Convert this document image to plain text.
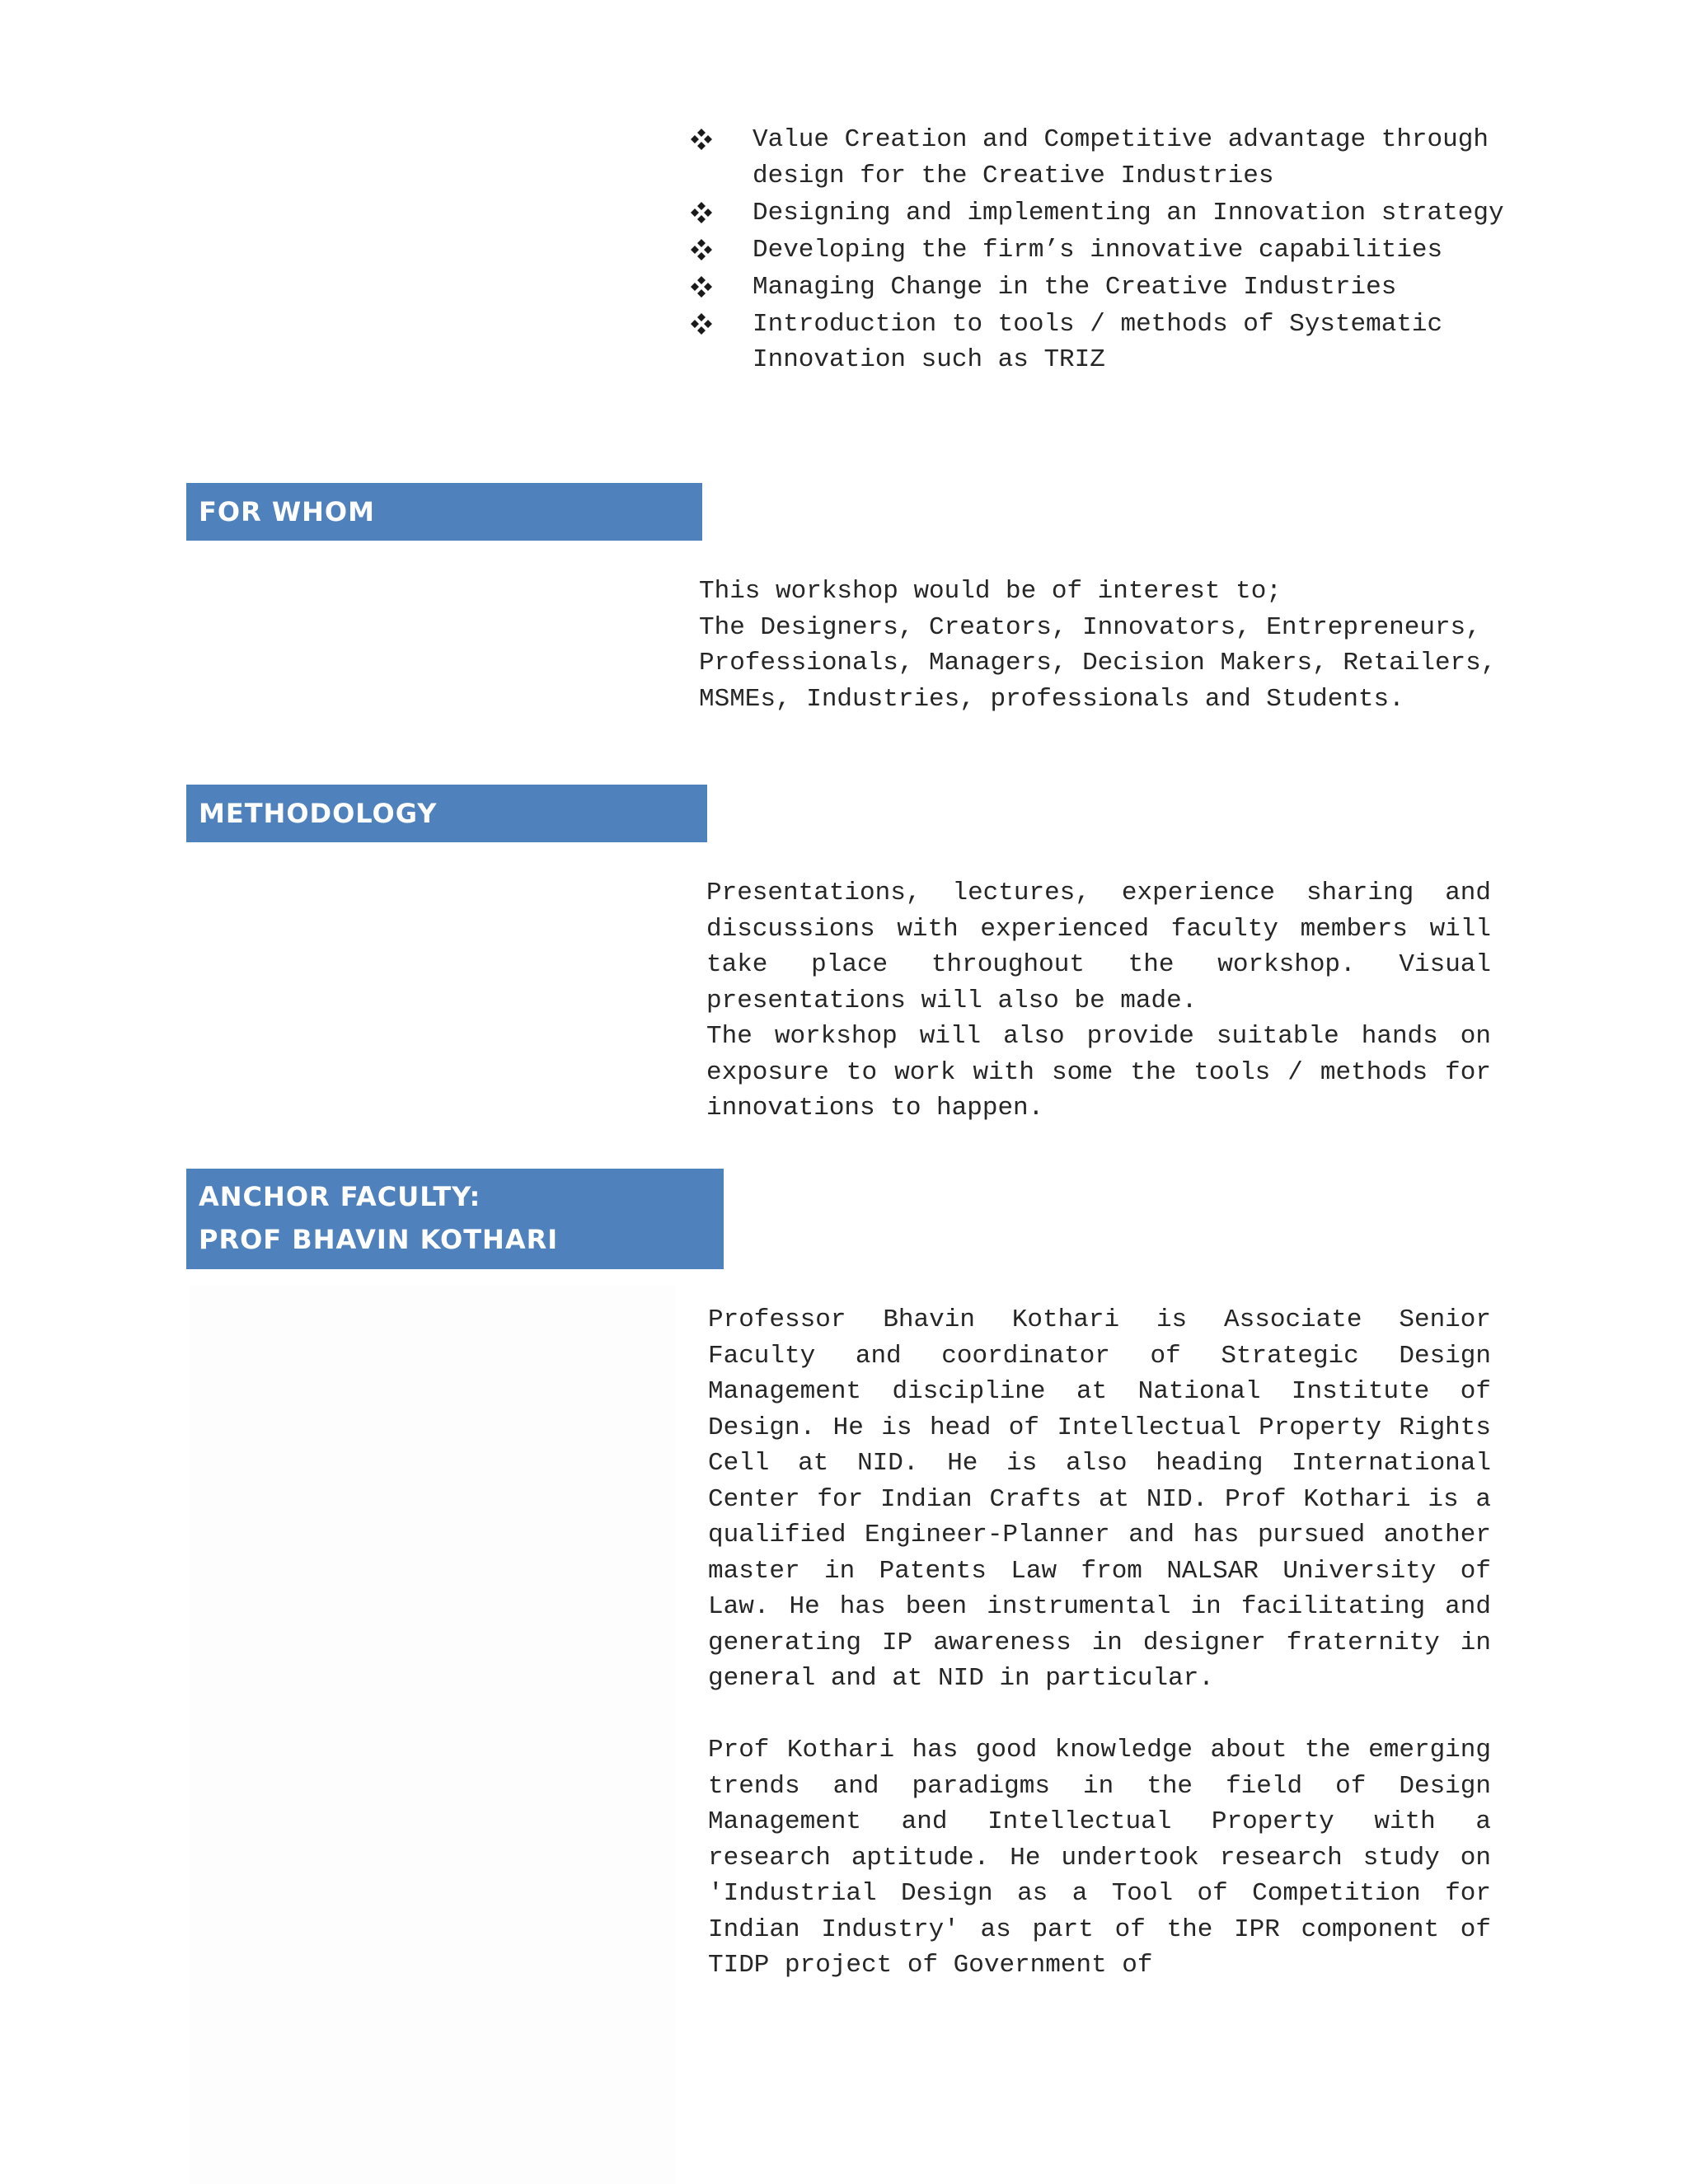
Value Creation and Competitive advantage through design for the Creative Industries
Designing and implementing an Innovation strategy
Developing the firm’s innovative capabilities
Managing Change in the Creative Industries
Introduction to tools / methods of Systematic Innovation such as TRIZ
FOR WHOM
This workshop would be of interest to;
The Designers, Creators, Innovators, Entrepreneurs, Professionals, Managers, Decision Makers, Retailers, MSMEs, Industries, professionals and Students.
METHODOLOGY

Presentations, lectures, experience sharing and discussions with experienced faculty members will take place throughout the workshop. Visual presentations will also be made.

The workshop will also provide suitable hands on exposure to work with some the tools / methods for innovations to happen.

ANCHOR FACULTY:
PROF BHAVIN KOTHARI

Professor Bhavin Kothari is Associate Senior Faculty and coordinator of Strategic Design Management discipline at National Institute of Design. He is head of Intellectual Property Rights Cell at NID. He is also heading International Center for Indian Crafts at NID. Prof Kothari is a qualified Engineer-Planner and has pursued another master in Patents Law from NALSAR University of Law. He has been instrumental in facilitating and generating IP awareness in designer fraternity in general and at NID in particular.

Prof Kothari has good knowledge about the emerging trends and paradigms in the field of Design Management and Intellectual Property with a research aptitude. He undertook research study on 'Industrial Design as a Tool of Competition for Indian Industry' as part of the IPR component of TIDP project of Government of
